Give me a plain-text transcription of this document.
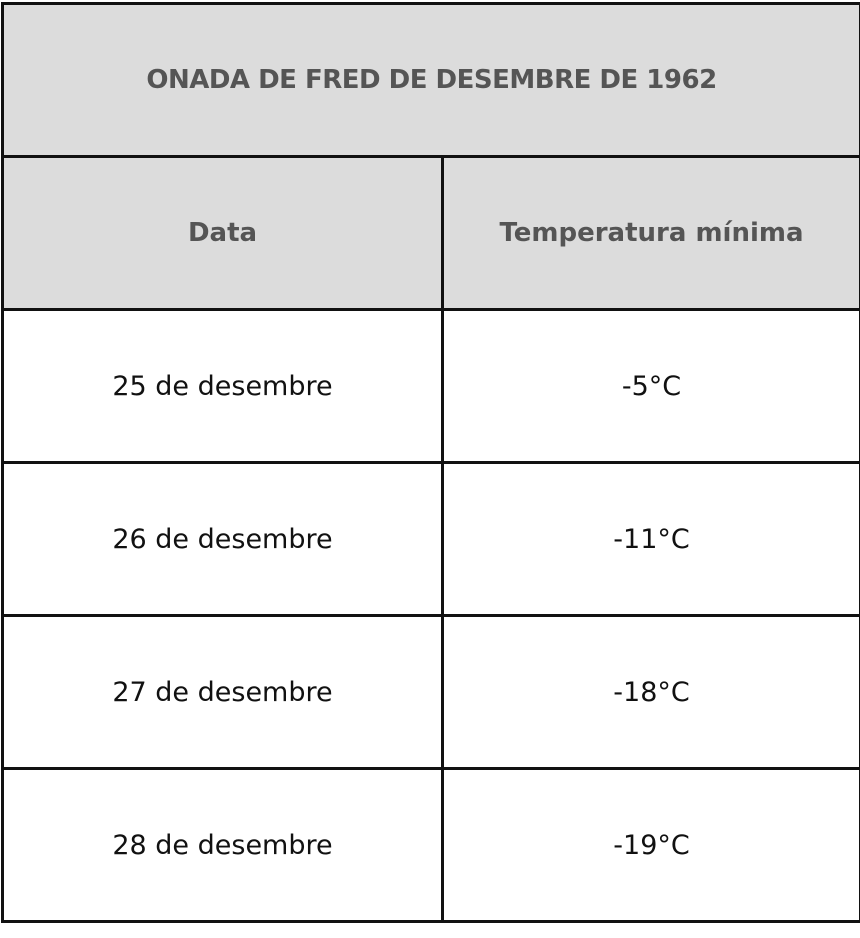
ONADA DE FRED DE DESEMBRE DE 1962	
Data	Temperatura mínima
25 de desembre	-5°C
26 de desembre	-11°C
27 de desembre	-18°C
28 de desembre	-19°C
